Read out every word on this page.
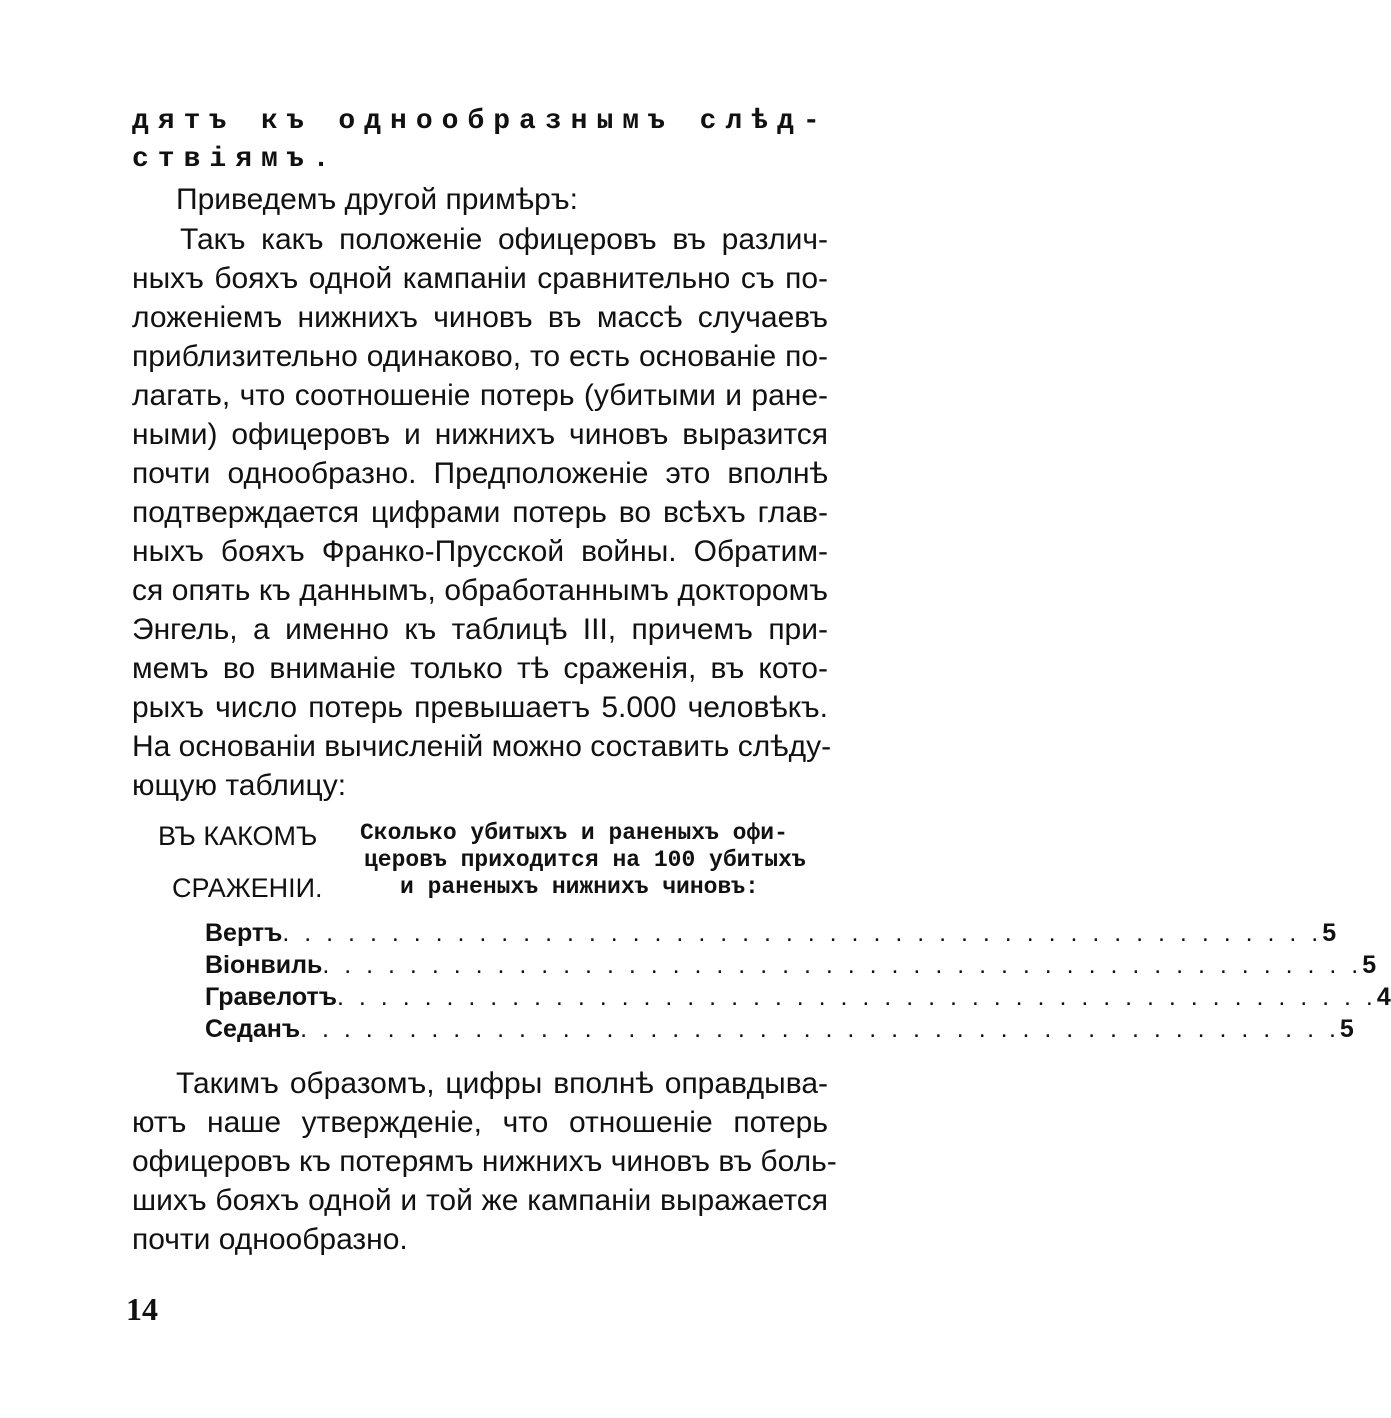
дятъ къ однообразнымъ слѣд-
ствіямъ.
Приведемъ другой примѣръ:
Такъ какъ положеніе офицеровъ въ различ-
ныхъ бояхъ одной кампаніи сравнительно съ по-
ложеніемъ нижнихъ чиновъ въ массѣ случаевъ
приблизительно одинаково, то есть основаніе по-
лагать, что соотношеніе потерь (убитыми и ране-
ными) офицеровъ и нижнихъ чиновъ выразится
почти однообразно. Предположеніе это вполнѣ
подтверждается цифрами потерь во всѣхъ глав-
ныхъ бояхъ Франко-Прусской войны. Обратим-
ся опять къ даннымъ, обработаннымъ докторомъ
Энгель, а именно къ таблицѣ III, причемъ при-
мемъ во вниманіе только тѣ сраженія, въ кото-
рыхъ число потерь превышаетъ 5.000 человѣкъ.
На основаніи вычисленій можно составить слѣду-
ющую таблицу:
ВЪ КАКОМЪ
СРАЖЕНІИ.
Сколько убитыхъ и раненыхъ офи-
церовъ приходится на 100 убитыхъ
и раненыхъ нижнихъ чиновъ:
Вертъ . . . . . . . . . . . . . . . . . . . . . . . . . . . . . . . . . . . . . . . . . . . . . . . . 5
Віонвиль . . . . . . . . . . . . . . . . . . . . . . . . . . . . . . . . . . . . . . . . . . . . . . . . 5
Гравелотъ . . . . . . . . . . . . . . . . . . . . . . . . . . . . . . . . . . . . . . . . . . . . . . . . 4
Седанъ . . . . . . . . . . . . . . . . . . . . . . . . . . . . . . . . . . . . . . . . . . . . . . . . 5
Такимъ образомъ, цифры вполнѣ оправдыва-
ютъ наше утвержденіе, что отношеніе потерь
офицеровъ къ потерямъ нижнихъ чиновъ въ боль-
шихъ бояхъ одной и той же кампаніи выражается
почти однообразно.
14
